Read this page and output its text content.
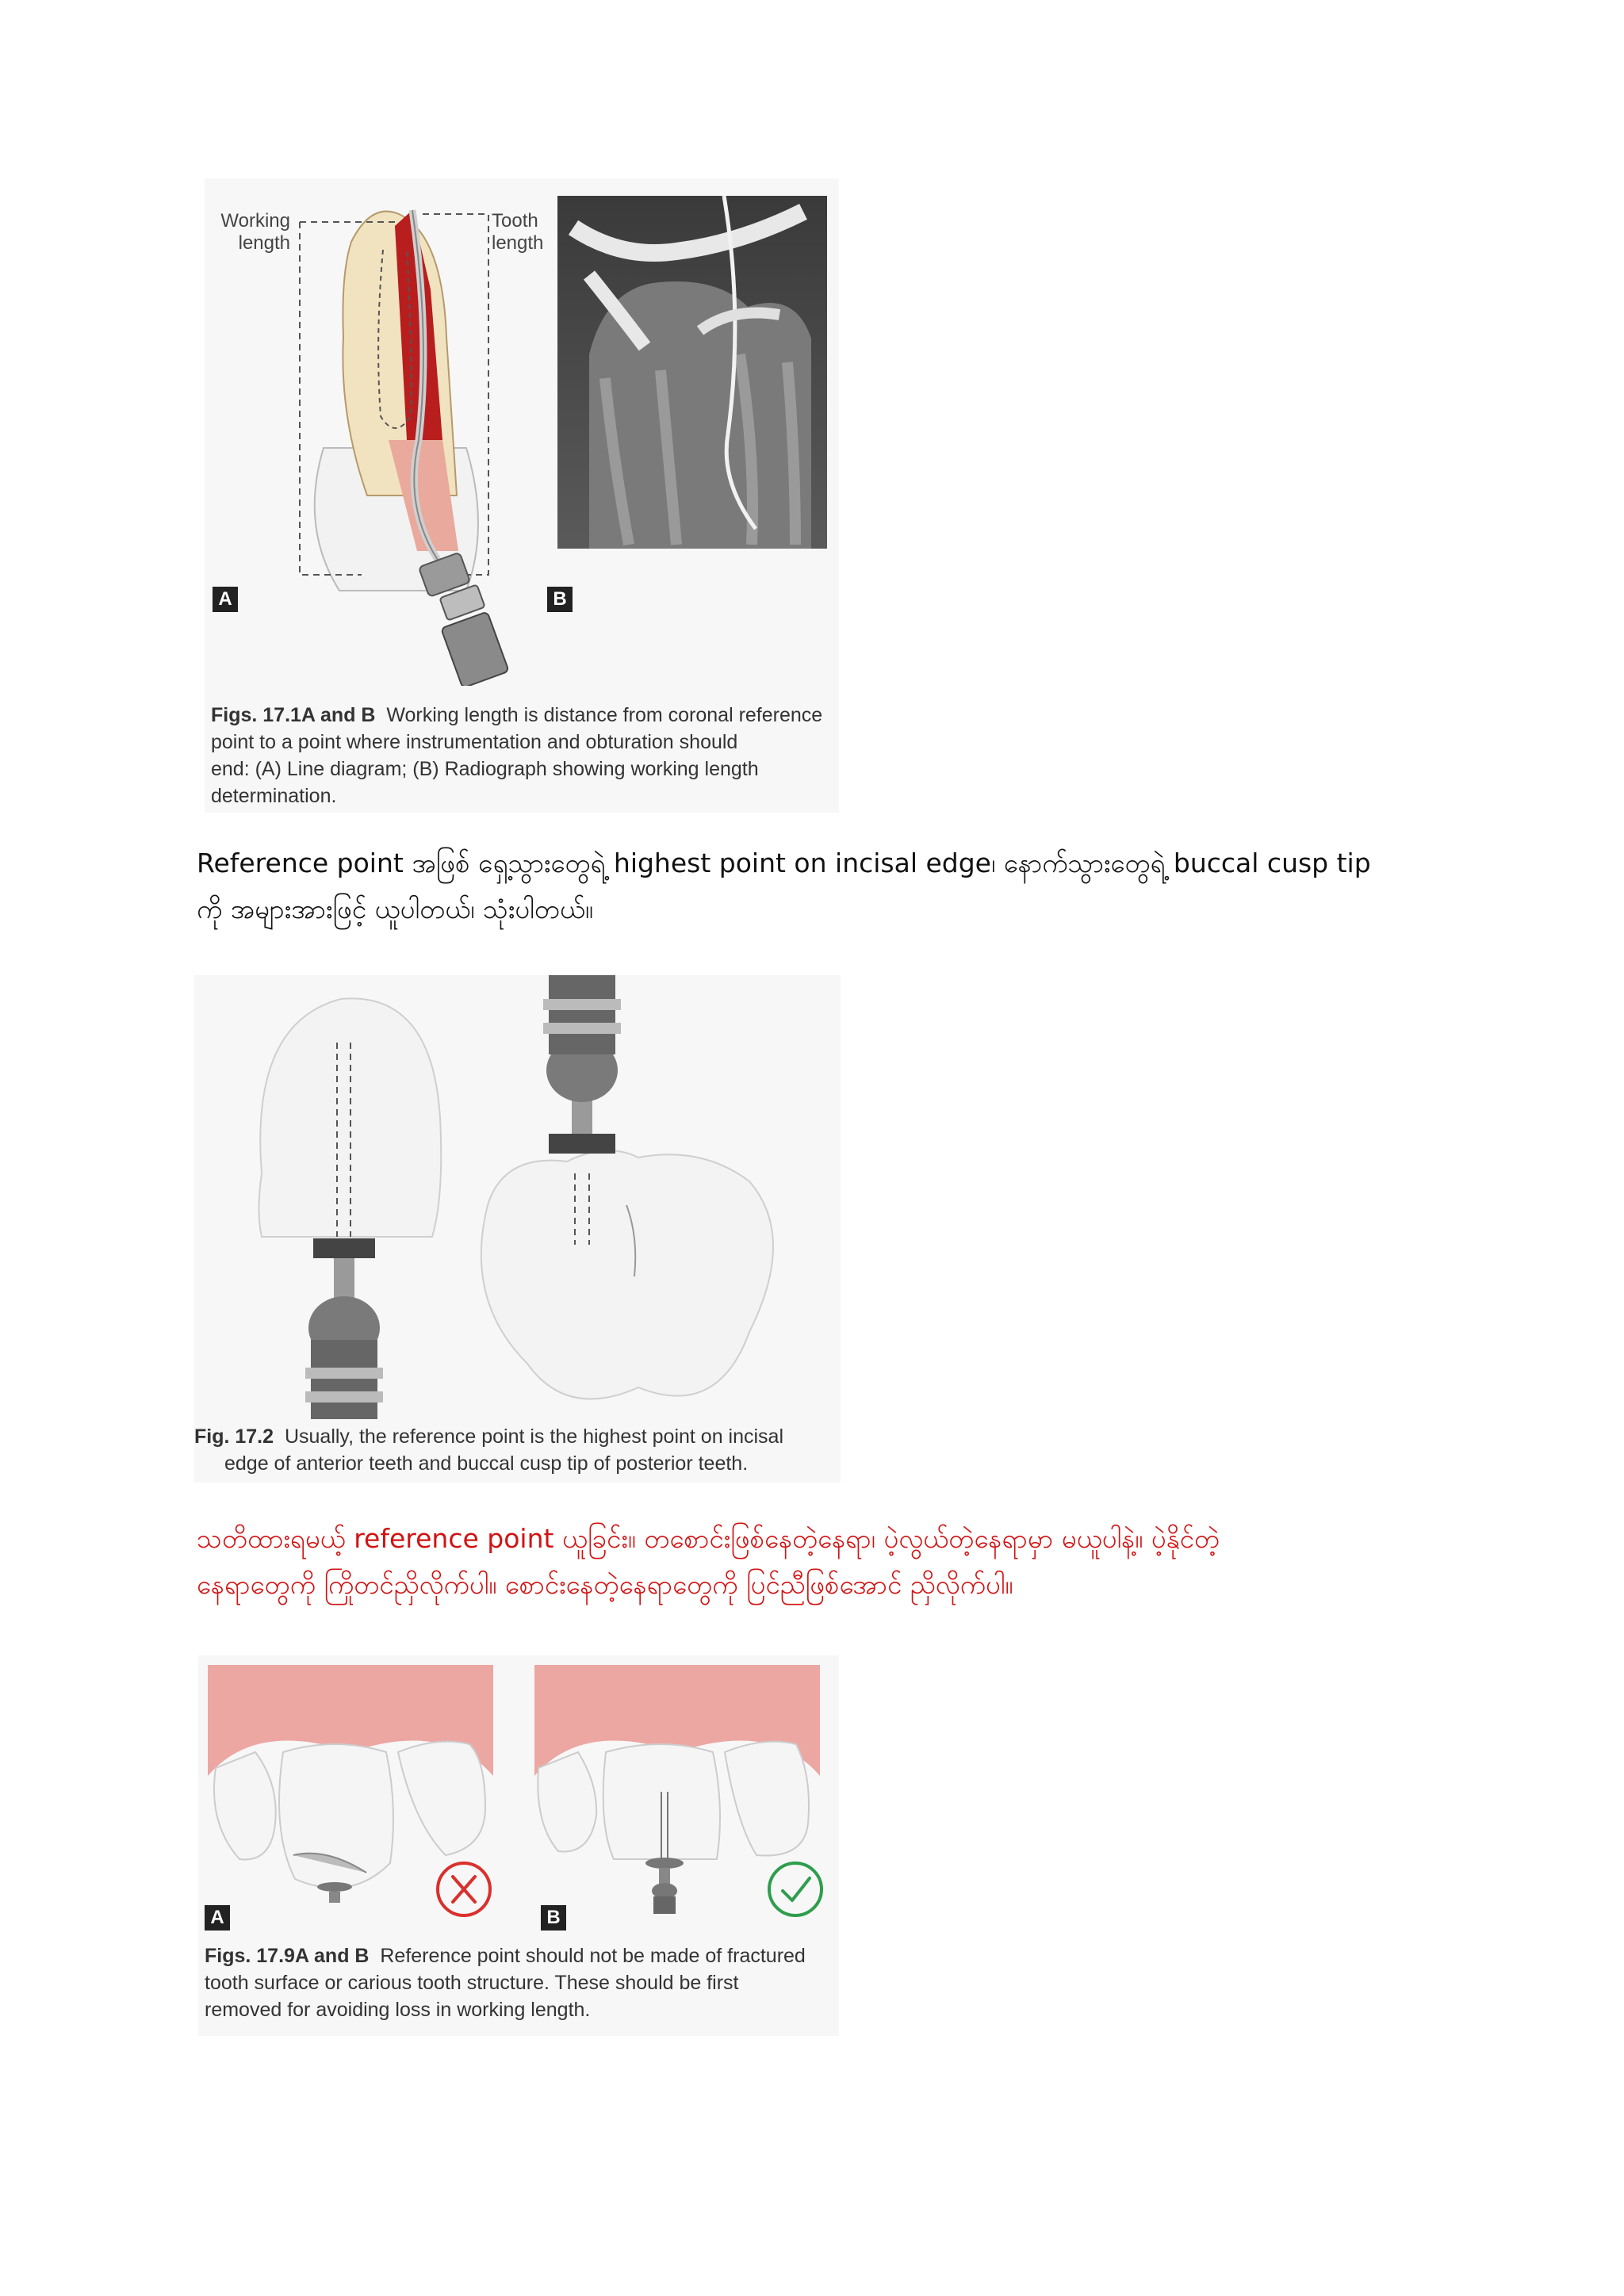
Working
length
Tooth
length
A	B
Figs. 17.1A and B Working length is distance from coronal reference
point to a point where instrumentation and obturation should
end: (A) Line diagram; (B) Radiograph showing working length
determination.
Reference point အဖြစ် ရှေ့သွားတွေရဲ့ highest point on incisal edge၊ နောက်သွားတွေရဲ့ buccal cusp tip
ကို အများအားဖြင့် ယူပါတယ်၊ သုံးပါတယ်။
Fig. 17.2 Usually, the reference point is the highest point on incisal
edge of anterior teeth and buccal cusp tip of posterior teeth.
သတိထားရမယ့် reference point ယူခြင်း။ တစောင်းဖြစ်နေတဲ့နေရာ၊ ပဲ့လွယ်တဲ့နေရာမှာ မယူပါနဲ့။ ပဲ့နိုင်တဲ့
နေရာတွေကို ကြိုတင်ညှိလိုက်ပါ။ စောင်းနေတဲ့နေရာတွေကို ပြင်ညီဖြစ်အောင် ညှိလိုက်ပါ။
A	B
Figs. 17.9A and B Reference point should not be made of fractured
tooth surface or carious tooth structure. These should be first
removed for avoiding loss in working length.
